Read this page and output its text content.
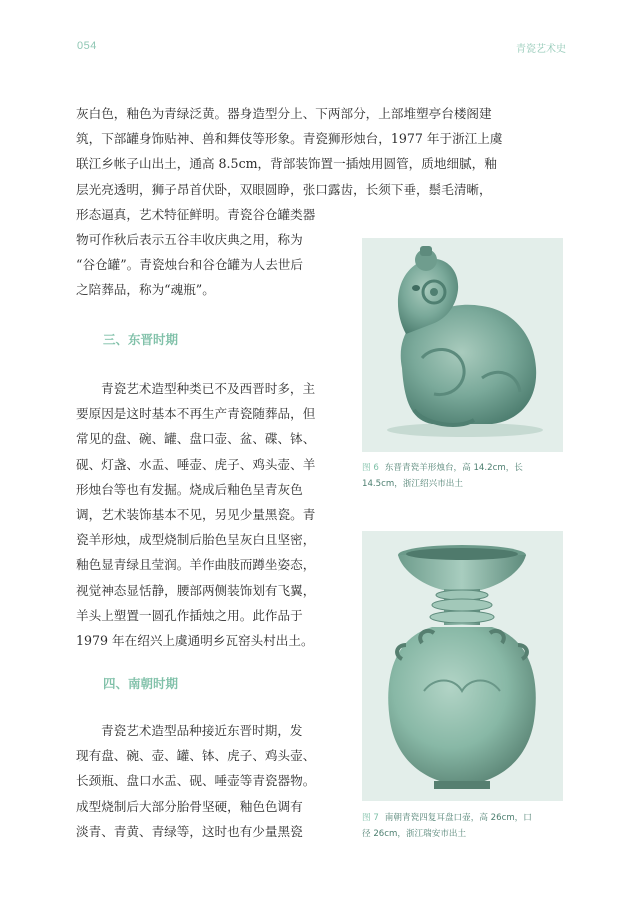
054	青瓷艺术史
灰白色，釉色为青绿泛黄。器身造型分上、下两部分，上部堆塑亭台楼阁建
筑，下部罐身饰贴神、兽和舞伎等形象。青瓷狮形烛台，1977 年于浙江上虞
联江乡帐子山出土，通高 8.5cm，背部装饰置一插烛用圆管，质地细腻，釉
层光亮透明，狮子昂首伏卧，双眼圆睁，张口露齿，长须下垂，鬃毛清晰，
形态逼真，艺术特征鲜明。青瓷谷仓罐类器
物可作秋后表示五谷丰收庆典之用，称为
“谷仓罐”。青瓷烛台和谷仓罐为人去世后
之陪葬品，称为“魂瓶”。
三、东晋时期
青瓷艺术造型种类已不及西晋时多，主
要原因是这时基本不再生产青瓷随葬品，但
常见的盘、碗、罐、盘口壶、盆、碟、钵、
砚、灯盏、水盂、唾壶、虎子、鸡头壶、羊
形烛台等也有发掘。烧成后釉色呈青灰色
调，艺术装饰基本不见，另见少量黑瓷。青
瓷羊形烛，成型烧制后胎色呈灰白且坚密，
釉色显青绿且莹润。羊作曲肢而蹲坐姿态，
视觉神态显恬静，腰部两侧装饰划有飞翼，
羊头上塑置一圆孔作插烛之用。此作品于
1979 年在绍兴上虞通明乡瓦窑头村出土。
四、南朝时期
青瓷艺术造型品种接近东晋时期，发
现有盘、碗、壶、罐、钵、虎子、鸡头壶、
长颈瓶、盘口水盂、砚、唾壶等青瓷器物。
成型烧制后大部分胎骨坚硬，釉色色调有
淡青、青黄、青绿等，这时也有少量黑瓷
图 6 东晋青瓷羊形烛台，高 14.2cm，长
14.5cm，浙江绍兴市出土
图 7 南朝青瓷四复耳盘口壶，高 26cm，口
径 26cm，浙江瑞安市出土
